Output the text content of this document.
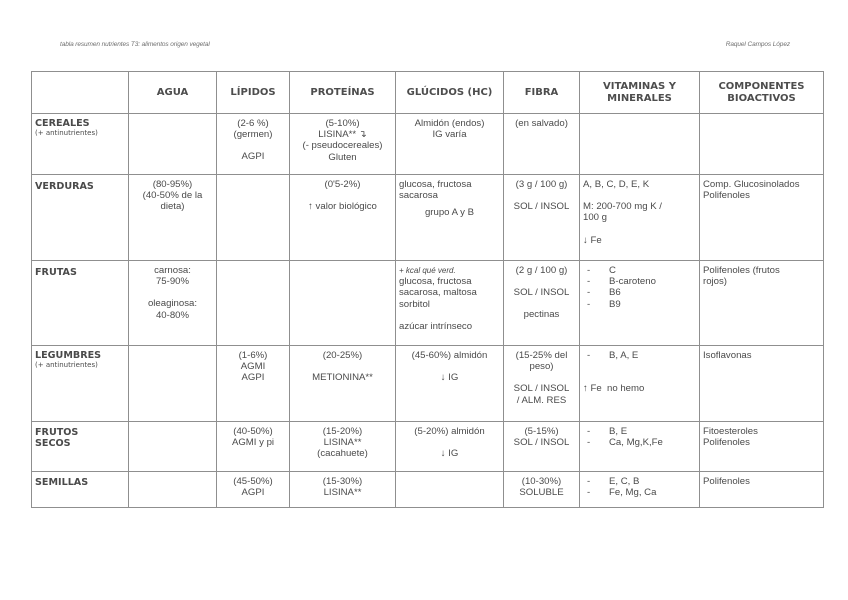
tabla resumen nutrientes T3: alimentos origen vegetal	Raquel Campos López
	AGUA	LÍPIDOS	PROTEÍNAS	GLÚCIDOS (HC)	FIBRA	VITAMINAS Y MINERALES	COMPONENTES BIOACTIVOS
CEREALES
(+ antinutrientes)		(2-6 %)
(germen)
AGPI	(5-10%)
LISINA** ↴
(- pseudocereales)
Gluten	Almidón (endos)
IG varía	(en salvado)		

VERDURAS	(80-95%)
(40-50% de la
dieta)		(0'5-2%)
↑ valor biológico	glucosa, fructosa
sacarosa
grupo A y B	(3 g / 100 g)
SOL / INSOL	A, B, C, D, E, K
M: 200-700 mg K /
100 g
↓ Fe	Comp. Glucosinolados
Polifenoles

FRUTAS	carnosa:
75-90%
oleaginosa:
40-80%			+ kcal qué verd.
glucosa, fructosa
sacarosa, maltosa
sorbitol
azúcar intrínseco	(2 g / 100 g)
SOL / INSOL
pectinas	- C
- B-caroteno
- B6
- B9	Polifenoles (frutos
rojos)

LEGUMBRES
(+ antinutrientes)		(1-6%)
AGMI
AGPI	(20-25%)
METIONINA**	(45-60%) almidón
↓ IG	(15-25% del
peso)
SOL / INSOL
/ ALM. RES	- B, A, E
↑ Fe  no hemo	Isoflavonas

FRUTOS
SECOS		(40-50%)
AGMI y pi	(15-20%)
LISINA**
(cacahuete)	(5-20%) almidón
↓ IG	(5-15%)
SOL / INSOL	- B, E
- Ca, Mg,K,Fe	Fitoesteroles
Polifenoles

SEMILLAS		(45-50%)
AGPI	(15-30%)
LISINA**		(10-30%)
SOLUBLE	- E, C, B
- Fe, Mg, Ca	Polifenoles
